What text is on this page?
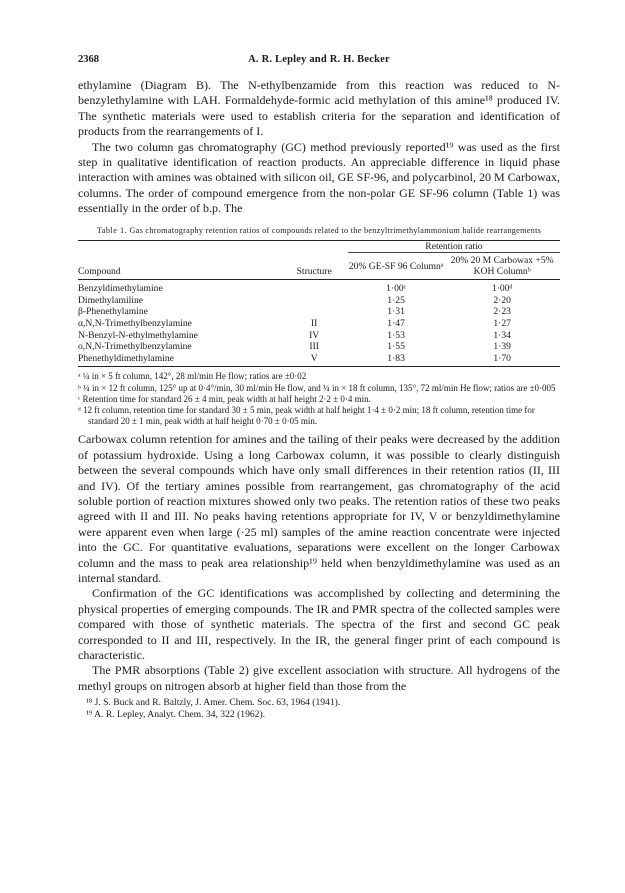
2368	A. R. Lepley and R. H. Becker

ethylamine (Diagram B). The N-ethylbenzamide from this reaction was reduced to N-benzylethylamine with LAH. Formaldehyde-formic acid methylation of this amine¹⁸ produced IV. The synthetic materials were used to establish criteria for the separation and identification of products from the rearrangements of I.

The two column gas chromatography (GC) method previously reported¹⁹ was used as the first step in qualitative identification of reaction products. An appreciable difference in liquid phase interaction with amines was obtained with silicon oil, GE SF-96, and polycarbinol, 20 M Carbowax, columns. The order of compound emergence from the non-polar GE SF-96 column (Table 1) was essentially in the order of b.p. The

Table 1. Gas chromatography retention ratios of compounds related to the benzyltrimethylammonium halide rearrangements
		Retention ratio	
Compound	Structure	20% GE-SF 96 Columnᵃ	20% 20 M Carbowax +5% KOH Columnᵇ
Benzyldimethylamine		1·00ᶜ	1·00ᵈ
Dimethylamiline		1·25	2·20
β-Phenethylamine		1·31	2·23
α,N,N-Trimethylbenzylamine	II	1·47	1·27
N-Benzyl-N-ethylmethylamine	IV	1·53	1·34
o,N,N-Trimethylbenzylamine	III	1·55	1·39
Phenethyldimethylamine	V	1·83	1·70
ᵃ ¼ in × 5 ft column, 142°, 28 ml/min He flow; ratios are ±0·02
ᵇ ¼ in × 12 ft column, 125° up at 0·4°/min, 30 ml/min He flow, and ¼ in × 18 ft column, 135°, 72 ml/min He flow; ratios are ±0·005
ᶜ Retention time for standard 26 ± 4 min, peak width at half height 2·2 ± 0·4 min.
ᵈ 12 ft column, retention time for standard 30 ± 5 min, peak width at half height 1·4 ± 0·2 min; 18 ft column, retention time for standard 20 ± 1 min, peak width at half height 0·70 ± 0·05 min.

Carbowax column retention for amines and the tailing of their peaks were decreased by the addition of potassium hydroxide. Using a long Carbowax column, it was possible to clearly distinguish between the several compounds which have only small differences in their retention ratios (II, III and IV). Of the tertiary amines possible from rearrangement, gas chromatography of the acid soluble portion of reaction mixtures showed only two peaks. The retention ratios of these two peaks agreed with II and III. No peaks having retentions appropriate for IV, V or benzyldimethylamine were apparent even when large (·25 ml) samples of the amine reaction concentrate were injected into the GC. For quantitative evaluations, separations were excellent on the longer Carbowax column and the mass to peak area relationship¹⁹ held when benzyldimethylamine was used as an internal standard.

Confirmation of the GC identifications was accomplished by collecting and determining the physical properties of emerging compounds. The IR and PMR spectra of the collected samples were compared with those of synthetic materials. The spectra of the first and second GC peak corresponded to II and III, respectively. In the IR, the general finger print of each compound is characteristic.

The PMR absorptions (Table 2) give excellent association with structure. All hydrogens of the methyl groups on nitrogen absorb at higher field than those from the

¹⁸ J. S. Buck and R. Baltzly, J. Amer. Chem. Soc. 63, 1964 (1941).
¹⁹ A. R. Lepley, Analyt. Chem. 34, 322 (1962).
